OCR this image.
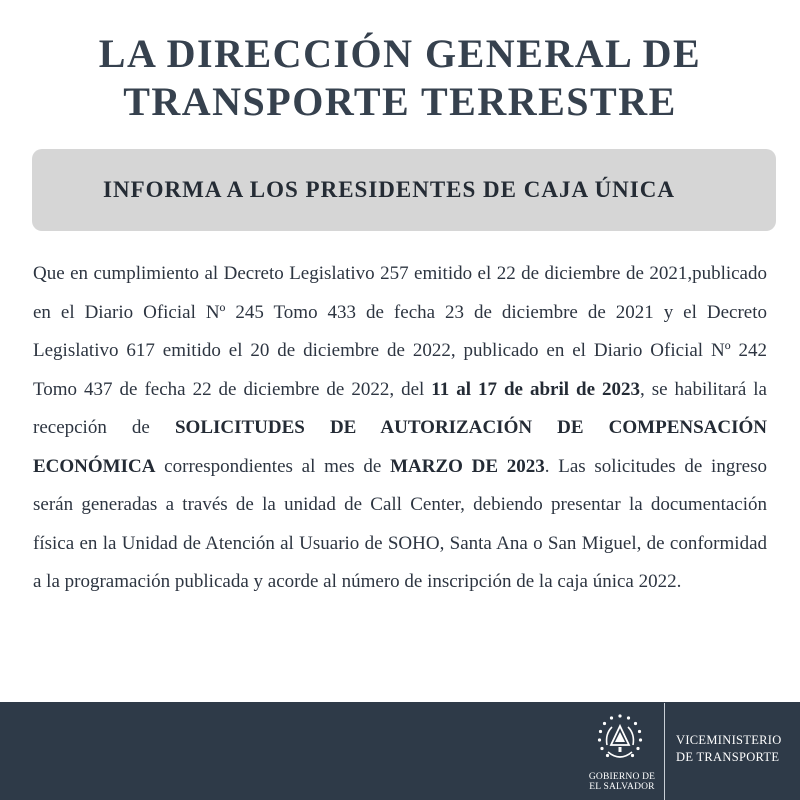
LA DIRECCIÓN GENERAL DE
TRANSPORTE TERRESTRE
INFORMA A LOS PRESIDENTES DE CAJA ÚNICA

Que en cumplimiento al Decreto Legislativo 257 emitido el 22 de diciembre de 2021,publicado en el Diario Oficial Nº 245 Tomo 433 de fecha 23 de diciembre de 2021 y el Decreto Legislativo 617 emitido el 20 de diciembre de 2022, publicado en el Diario Oficial Nº 242 Tomo 437 de fecha 22 de diciembre de 2022, del 11 al 17 de abril de 2023, se habilitará la recepción de SOLICITUDES DE AUTORIZACIÓN DE COMPENSACIÓN ECONÓMICA correspondientes al mes de MARZO DE 2023. Las solicitudes de ingreso serán generadas a través de la unidad de Call Center, debiendo presentar la documentación física en la Unidad de Atención al Usuario de SOHO, Santa Ana o San Miguel, de conformidad a la programación publicada y acorde al número de inscripción de la caja única 2022.

GOBIERNO DE
EL SALVADOR
VICEMINISTERIO
DE TRANSPORTE
